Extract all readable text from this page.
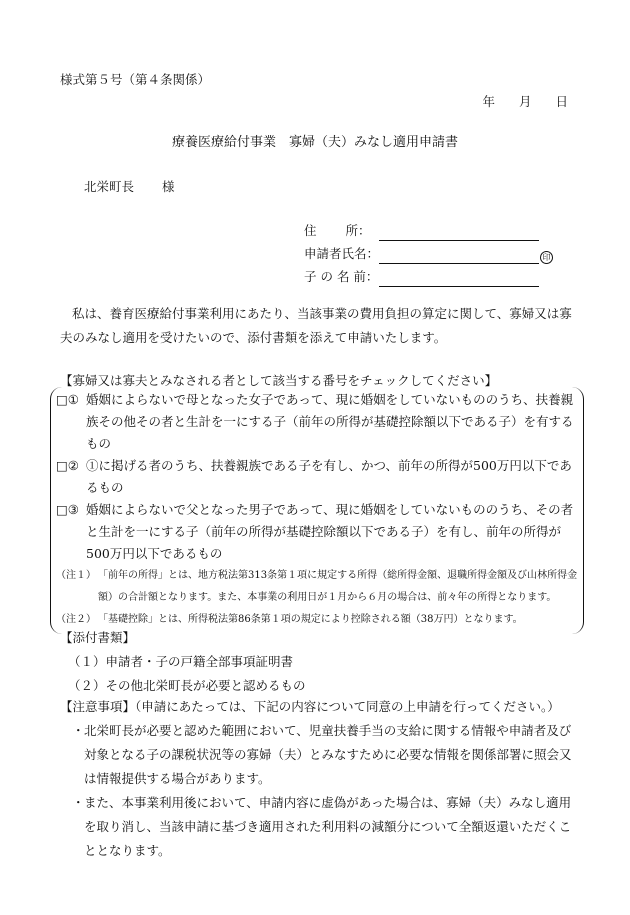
様式第５号（第４条関係）
年 月 日
療養医療給付事業　寡婦（夫）みなし適用申請書
北栄町長 様
住　　 所：
申請者氏名：	印
子 の 名 前：
私は、養育医療給付事業利用にあたり、当該事業の費用負担の算定に関して、寡婦又は寡夫のみなし適用を受けたいので、添付書類を添えて申請いたします。
【寡婦又は寡夫とみなされる者として該当する番号をチェックしてください】
□① 婚姻によらないで母となった女子であって、現に婚姻をしていないもののうち、扶養親族その他その者と生計を一にする子（前年の所得が基礎控除額以下である子）を有するもの
□② ①に掲げる者のうち、扶養親族である子を有し、かつ、前年の所得が500万円以下であるもの
□③ 婚姻によらないで父となった男子であって、現に婚姻をしていないもののうち、その者と生計を一にする子（前年の所得が基礎控除額以下である子）を有し、前年の所得が500万円以下であるもの
（注１） 「前年の所得」とは、地方税法第313条第１項に規定する所得（総所得金額、退職所得金額及び山林所得金額）の合計額となります。また、本事業の利用日が１月から６月の場合は、前々年の所得となります。
（注２） 「基礎控除」とは、所得税法第86条第１項の規定により控除される額（38万円）となります。
【添付書類】
（１）申請者・子の戸籍全部事項証明書
（２）その他北栄町長が必要と認めるもの
【注意事項】（申請にあたっては、下記の内容について同意の上申請を行ってください。）
・ 北栄町長が必要と認めた範囲において、児童扶養手当の支給に関する情報や申請者及び対象となる子の課税状況等の寡婦（夫）とみなすために必要な情報を関係部署に照会又は情報提供する場合があります。
・ また、本事業利用後において、申請内容に虚偽があった場合は、寡婦（夫）みなし適用を取り消し、当該申請に基づき適用された利用料の減額分について全額返還いただくこととなります。
